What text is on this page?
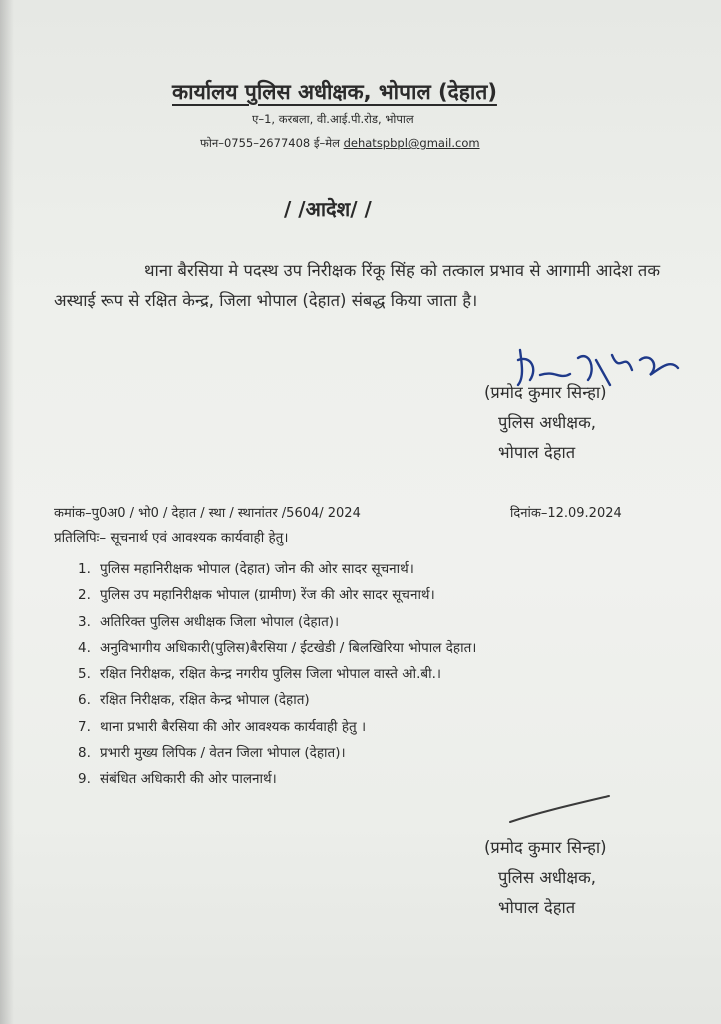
कार्यालय पुलिस अधीक्षक, भोपाल (देहात)
ए–1, करबला, वी.आई.पी.रोड, भोपाल
फोन–0755–2677408 ई–मेल dehatspbpl@gmail.com
/ /आदेश/ /
थाना बैरसिया मे पदस्थ उप निरीक्षक रिंकू सिंह को तत्काल प्रभाव से आगामी आदेश तक अस्थाई रूप से रक्षित केन्द्र, जिला भोपाल (देहात) संबद्ध किया जाता है।
(प्रमोद कुमार सिन्हा)
पुलिस अधीक्षक,
भोपाल देहात
कमांक–पु0अ0 / भो0 / देहात / स्था / स्थानांतर /5604/ 2024	दिनांक–12.09.2024
प्रतिलिपिः– सूचनार्थ एवं आवश्यक कार्यवाही हेतु।
1. पुलिस महानिरीक्षक भोपाल (देहात) जोन की ओर सादर सूचनार्थ।
2. पुलिस उप महानिरीक्षक भोपाल (ग्रामीण) रेंज की ओर सादर सूचनार्थ।
3. अतिरिक्त पुलिस अधीक्षक जिला भोपाल (देहात)।
4. अनुविभागीय अधिकारी(पुलिस)बैरसिया / ईटखेडी / बिलखिरिया भोपाल देहात।
5. रक्षित निरीक्षक, रक्षित केन्द्र नगरीय पुलिस जिला भोपाल वास्ते ओ.बी.।
6. रक्षित निरीक्षक, रक्षित केन्द्र भोपाल (देहात)
7. थाना प्रभारी बैरसिया की ओर आवश्यक कार्यवाही हेतु ।
8. प्रभारी मुख्य लिपिक / वेतन जिला भोपाल (देहात)।
9. संबंधित अधिकारी की ओर पालनार्थ।
(प्रमोद कुमार सिन्हा)
पुलिस अधीक्षक,
भोपाल देहात
